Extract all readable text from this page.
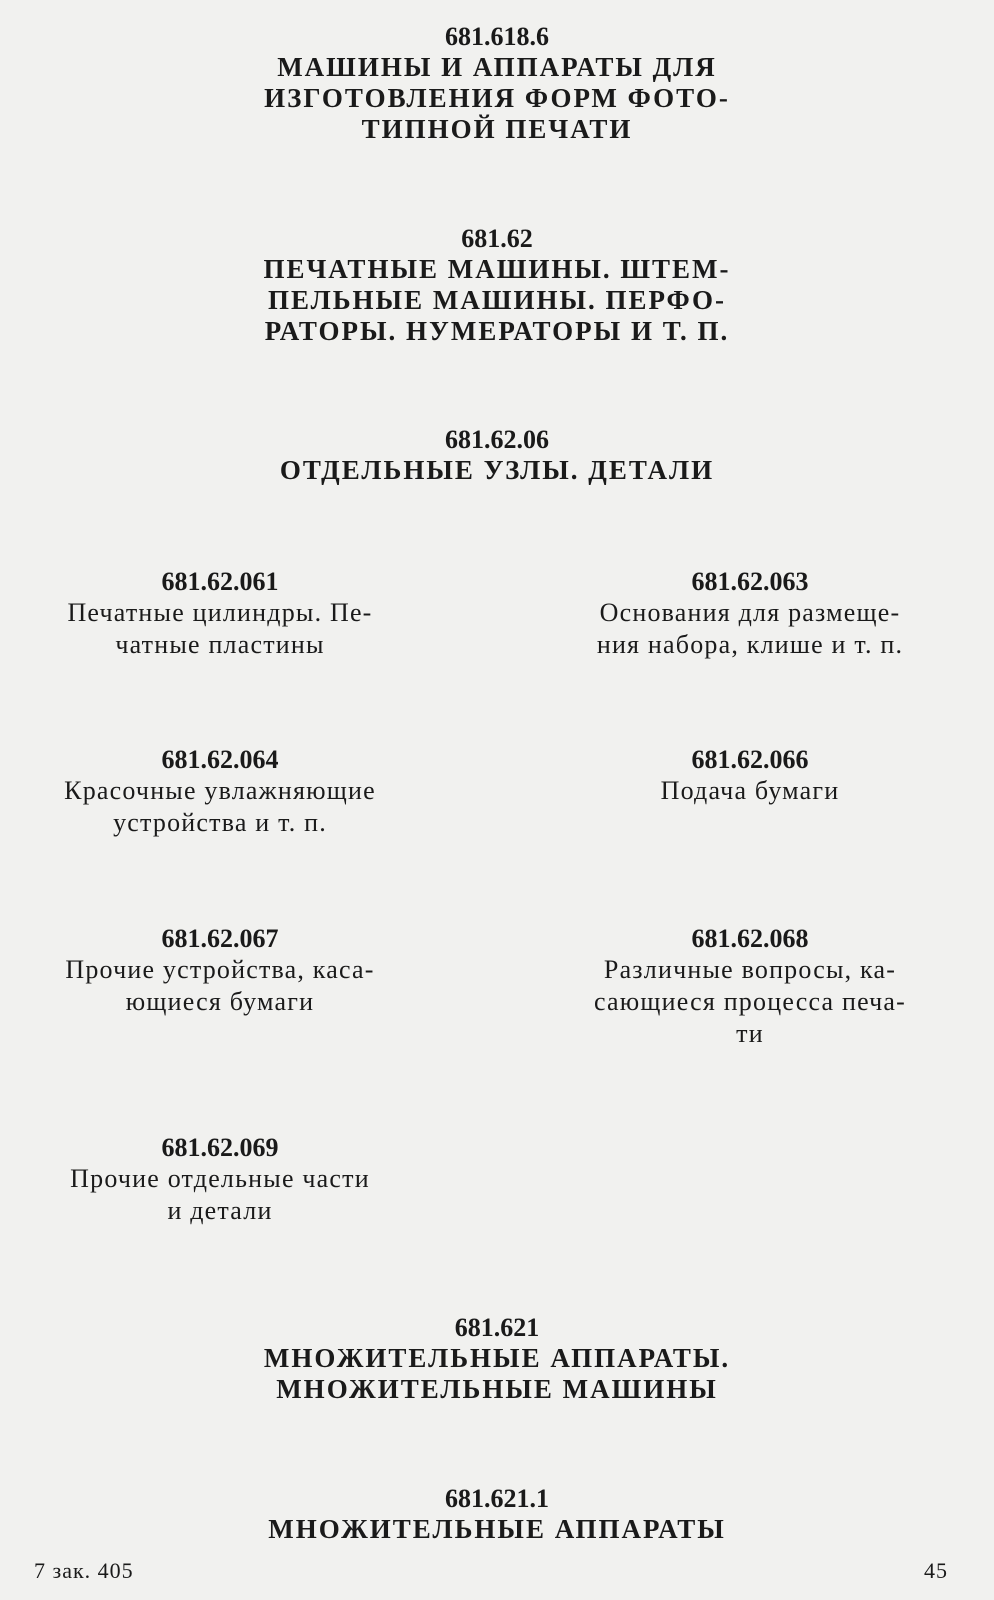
681.618.6
МАШИНЫ И АППАРАТЫ ДЛЯ
ИЗГОТОВЛЕНИЯ ФОРМ ФОТО-
ТИПНОЙ ПЕЧАТИ
681.62
ПЕЧАТНЫЕ МАШИНЫ. ШТЕМ-
ПЕЛЬНЫЕ МАШИНЫ. ПЕРФО-
РАТОРЫ. НУМЕРАТОРЫ И Т. П.
681.62.06
ОТДЕЛЬНЫЕ УЗЛЫ. ДЕТАЛИ
681.62.061
Печатные цилиндры. Пе-
чатные пластины
681.62.063
Основания для размеще-
ния набора, клише и т. п.
681.62.064
Красочные увлажняющие
устройства и т. п.
681.62.066
Подача бумаги
681.62.067
Прочие устройства, каса-
ющиеся бумаги
681.62.068
Различные вопросы, ка-
сающиеся процесса печа-
ти
681.62.069
Прочие отдельные части
и детали
681.621
МНОЖИТЕЛЬНЫЕ АППАРАТЫ.
МНОЖИТЕЛЬНЫЕ МАШИНЫ
681.621.1
МНОЖИТЕЛЬНЫЕ АППАРАТЫ
7 зак. 405	45
